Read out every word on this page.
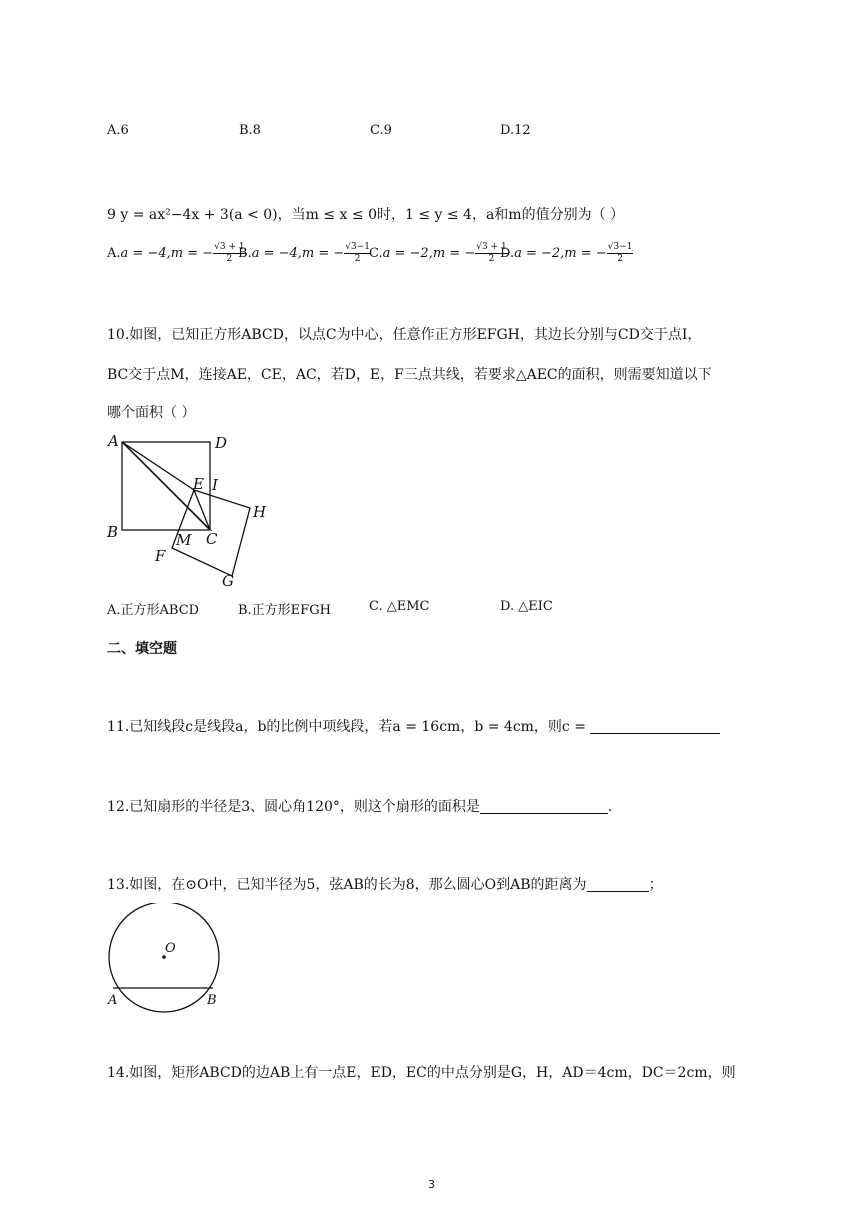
A.6	B.8	C.9	D.12
9 y = ax²−4x + 3(a < 0)，当m ≤ x ≤ 0时，1 ≤ y ≤ 4，a和m的值分别为（ ）
A.a = −4,m = − $\frac{√3 + 1}{2}$
B.a = −4,m = − $\frac{√3-1}{2}$
C.a = −2,m = − $\frac{√3 + 1}{2}$
D.a = −2,m = − $\frac{√3-1}{2}$
10.如图，已知正方形ABCD，以点C为中心，任意作正方形EFGH，其边长分别与CD交于点I，
BC交于点M，连接AE，CE，AC，若D，E，F三点共线，若要求△AEC的面积，则需要知道以下
哪个面积（ ）
A	D
B	C
E I
H
F
M
G
A.正方形ABCD	B.正方形EFGH	C. △EMC	D. △EIC
二、填空题
11.已知线段c是线段a，b的比例中项线段，若a = 16cm，b = 4cm，则c =
12.已知扇形的半径是3、圆心角120°，则这个扇形的面积是	.
13.如图，在⊙O中，已知半径为5，弦AB的长为8，那么圆心O到AB的距离为	；
O
A	B
14.如图，矩形ABCD的边AB上有一点E，ED，EC的中点分别是G，H，AD＝4cm，DC＝2cm，则
3
